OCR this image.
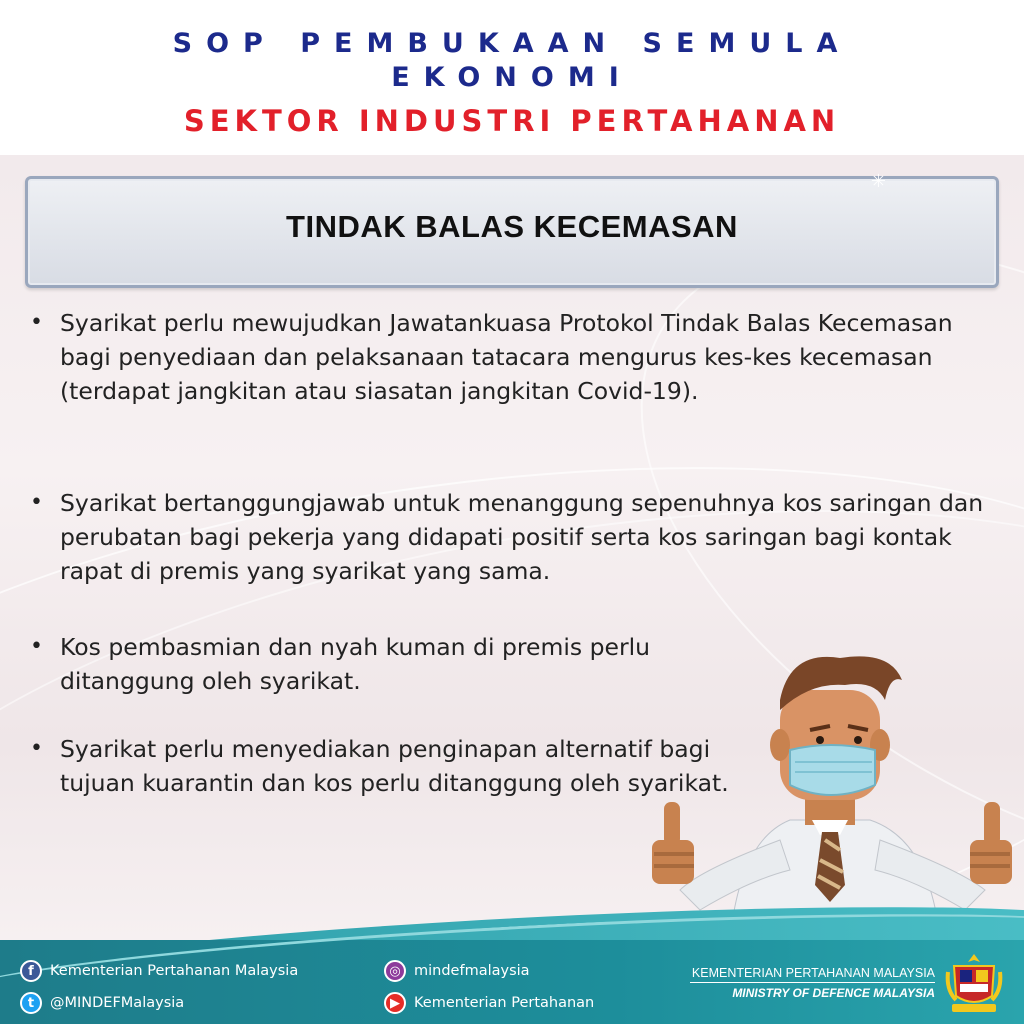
SOP PEMBUKAAN SEMULA
EKONOMI
SEKTOR INDUSTRI PERTAHANAN
✳
TINDAK BALAS KECEMASAN
• Syarikat perlu mewujudkan Jawatankuasa Protokol Tindak Balas Kecemasan bagi penyediaan dan pelaksanaan tatacara mengurus kes-kes kecemasan (terdapat jangkitan atau siasatan jangkitan Covid-19).
• Syarikat bertanggungjawab untuk menanggung sepenuhnya kos saringan dan perubatan bagi pekerja yang didapati positif serta kos saringan bagi kontak rapat di premis yang syarikat yang sama.
• Kos pembasmian dan nyah kuman di premis perlu ditanggung oleh syarikat.
• Syarikat perlu menyediakan penginapan alternatif bagi tujuan kuarantin dan kos perlu ditanggung oleh syarikat.
f	Kementerian Pertahanan Malaysia
t	@MINDEFMalaysia
◎ mindefmalaysia
▶ Kementerian Pertahanan
KEMENTERIAN PERTAHANAN MALAYSIA
MINISTRY OF DEFENCE MALAYSIA
